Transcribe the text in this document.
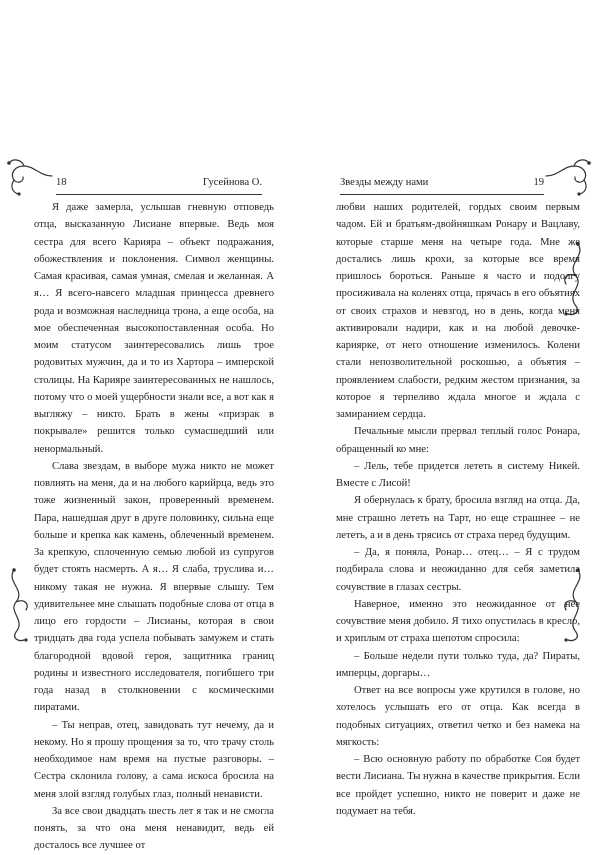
18	Гусейнова О.

Я даже замерла, услышав гневную отповедь отца, высказанную Лисиане впервые. Ведь моя сестра для всего Карияра – объект подражания, обожествления и поклонения. Символ женщины. Самая красивая, самая умная, смелая и желанная. А я… Я всего-навсего младшая принцесса древнего рода и возможная наследница трона, а еще особа, на мое обеспеченная высокопоставленная особа. Но моим статусом заинтересовались лишь трое родовитых мужчин, да и то из Хартора – имперской столицы. На Карияре заинтересованных не нашлось, потому что о моей ущербности знали все, а вот как я выгляжу – никто. Брать в жены «призрак в покрывале» решится только сумасшедший или ненормальный.

Слава звездам, в выборе мужа никто не может повлиять на меня, да и на любого карийрца, ведь это тоже жизненный закон, проверенный временем. Пара, нашедшая друг в друге половинку, сильна еще больше и крепка как камень, облеченный временем. За крепкую, сплоченную семью любой из супругов будет стоять насмерть. А я… Я слаба, труслива и… никому такая не нужна. Я впервые слышу. Тем удивительнее мне слышать подобные слова от отца в лицо его гордости – Лисианы, которая в свои тридцать два года успела побывать замужем и стать благородной вдовой героя, защитника границ родины и известного исследователя, погибшего три года назад в столкновении с космическими пиратами.

– Ты неправ, отец, завидовать тут нечему, да и некому. Но я прошу прощения за то, что трачу столь необходимое нам время на пустые разговоры. – Сестра склонила голову, а сама искоса бросила на меня злой взгляд голубых глаз, полный ненависти.

За все свои двадцать шесть лет я так и не смогла понять, за что она меня ненавидит, ведь ей досталось все лучшее от

Звезды между нами	19

любви наших родителей, гордых своим первым чадом. Ей и братьям-двойняшкам Ронару и Вацлаву, которые старше меня на четыре года. Мне же достались лишь крохи, за которые все время пришлось бороться. Раньше я часто и подолгу просиживала на коленях отца, прячась в его объятиях от своих страхов и невзгод, но в день, когда меня активировали надири, как и на любой девочке-кариярке, от него отношение изменилось. Колени стали непозволительной роскошью, а объятия – проявлением слабости, редким жестом признания, за которое я терпеливо ждала многое и ждала с замиранием сердца.

Печальные мысли прервал теплый голос Ронара, обращенный ко мне:

– Лель, тебе придется лететь в систему Никей. Вместе с Лисой!

Я обернулась к брату, бросила взгляд на отца. Да, мне страшно лететь на Тарт, но еще страшнее – не лететь, а и в день трясись от страха перед будущим.

– Да, я поняла, Ронар… отец… – Я с трудом подбирала слова и неожиданно для себя заметила сочувствие в глазах сестры.

Наверное, именно это неожиданное от нее сочувствие меня добило. Я тихо опустилась в кресло, и хриплым от страха шепотом спросила:

– Больше недели пути только туда, да? Пираты, имперцы, доргары…

Ответ на все вопросы уже крутился в голове, но хотелось услышать его от отца. Как всегда в подобных ситуациях, ответил четко и без намека на мягкость:

– Всю основную работу по обработке Соя будет вести Лисиана. Ты нужна в качестве прикрытия. Если все пройдет успешно, никто не поверит и даже не подумает на тебя.
